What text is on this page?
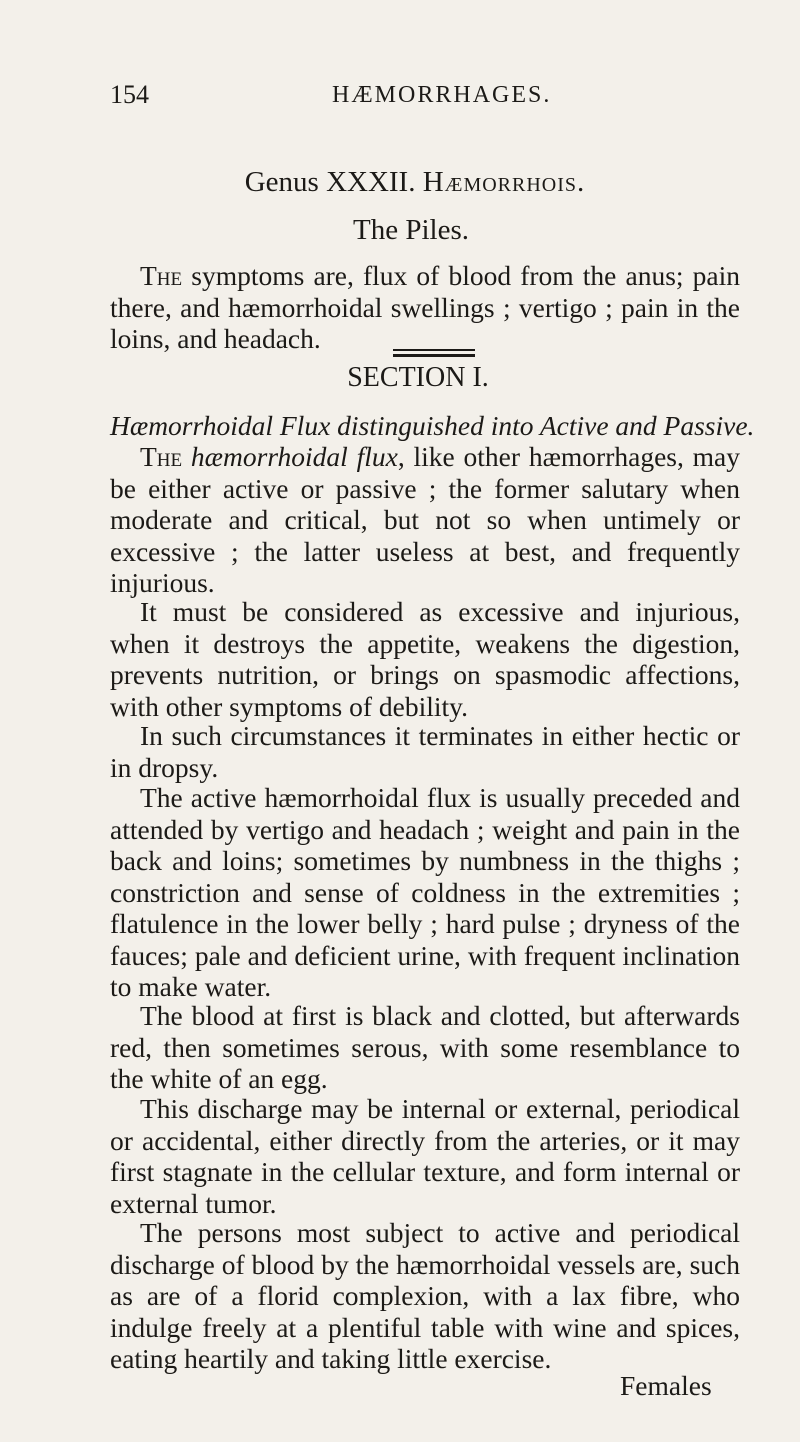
154	HÆMORRHAGES.
Genus XXXII. Hæmorrhois.
The Piles.
The symptoms are, flux of blood from the anus; pain there, and hæmorrhoidal swellings ; vertigo ; pain in the loins, and headach.
SECTION I.
Hæmorrhoidal Flux distinguished into Active and Passive.
The hæmorrhoidal flux, like other hæmorrhages, may be either active or passive ; the former salutary when moderate and critical, but not so when untimely or excessive ; the latter useless at best, and frequently injurious.
It must be considered as excessive and injurious, when it destroys the appetite, weakens the digestion, prevents nutrition, or brings on spasmodic affections, with other symptoms of debility.
In such circumstances it terminates in either hectic or in dropsy.
The active hæmorrhoidal flux is usually preceded and attended by vertigo and headach ; weight and pain in the back and loins; sometimes by numbness in the thighs ; constriction and sense of coldness in the extremities ; flatulence in the lower belly ; hard pulse ; dryness of the fauces; pale and deficient urine, with frequent inclination to make water.
The blood at first is black and clotted, but afterwards red, then sometimes serous, with some resemblance to the white of an egg.
This discharge may be internal or external, periodical or accidental, either directly from the arteries, or it may first stagnate in the cellular texture, and form internal or external tumor.
The persons most subject to active and periodical discharge of blood by the hæmorrhoidal vessels are, such as are of a florid complexion, with a lax fibre, who indulge freely at a plentiful table with wine and spices, eating heartily and taking little exercise.
Females
